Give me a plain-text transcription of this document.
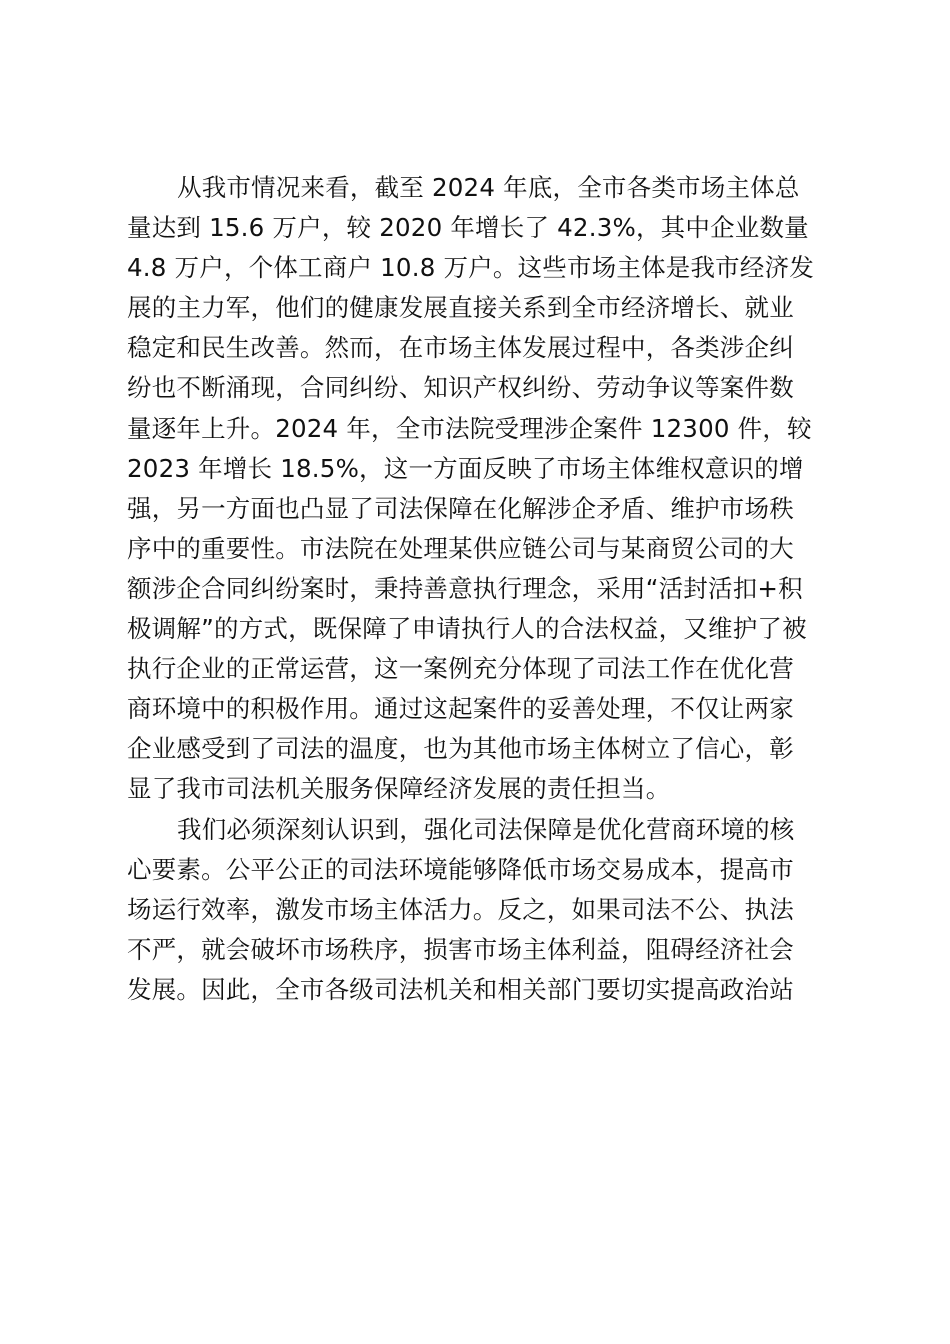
从我市情况来看，截至 2024 年底，全市各类市场主体总
量达到 15.6 万户，较 2020 年增长了 42.3%，其中企业数量
4.8 万户，个体工商户 10.8 万户。这些市场主体是我市经济发
展的主力军，他们的健康发展直接关系到全市经济增长、就业
稳定和民生改善。然而，在市场主体发展过程中，各类涉企纠
纷也不断涌现，合同纠纷、知识产权纠纷、劳动争议等案件数
量逐年上升。2024 年，全市法院受理涉企案件 12300 件，较
2023 年增长 18.5%，这一方面反映了市场主体维权意识的增
强，另一方面也凸显了司法保障在化解涉企矛盾、维护市场秩
序中的重要性。市法院在处理某供应链公司与某商贸公司的大
额涉企合同纠纷案时，秉持善意执行理念，采用“活封活扣+积
极调解”的方式，既保障了申请执行人的合法权益，又维护了被
执行企业的正常运营，这一案例充分体现了司法工作在优化营
商环境中的积极作用。通过这起案件的妥善处理，不仅让两家
企业感受到了司法的温度，也为其他市场主体树立了信心，彰
显了我市司法机关服务保障经济发展的责任担当。
我们必须深刻认识到，强化司法保障是优化营商环境的核
心要素。公平公正的司法环境能够降低市场交易成本，提高市
场运行效率，激发市场主体活力。反之，如果司法不公、执法
不严，就会破坏市场秩序，损害市场主体利益，阻碍经济社会
发展。因此，全市各级司法机关和相关部门要切实提高政治站
